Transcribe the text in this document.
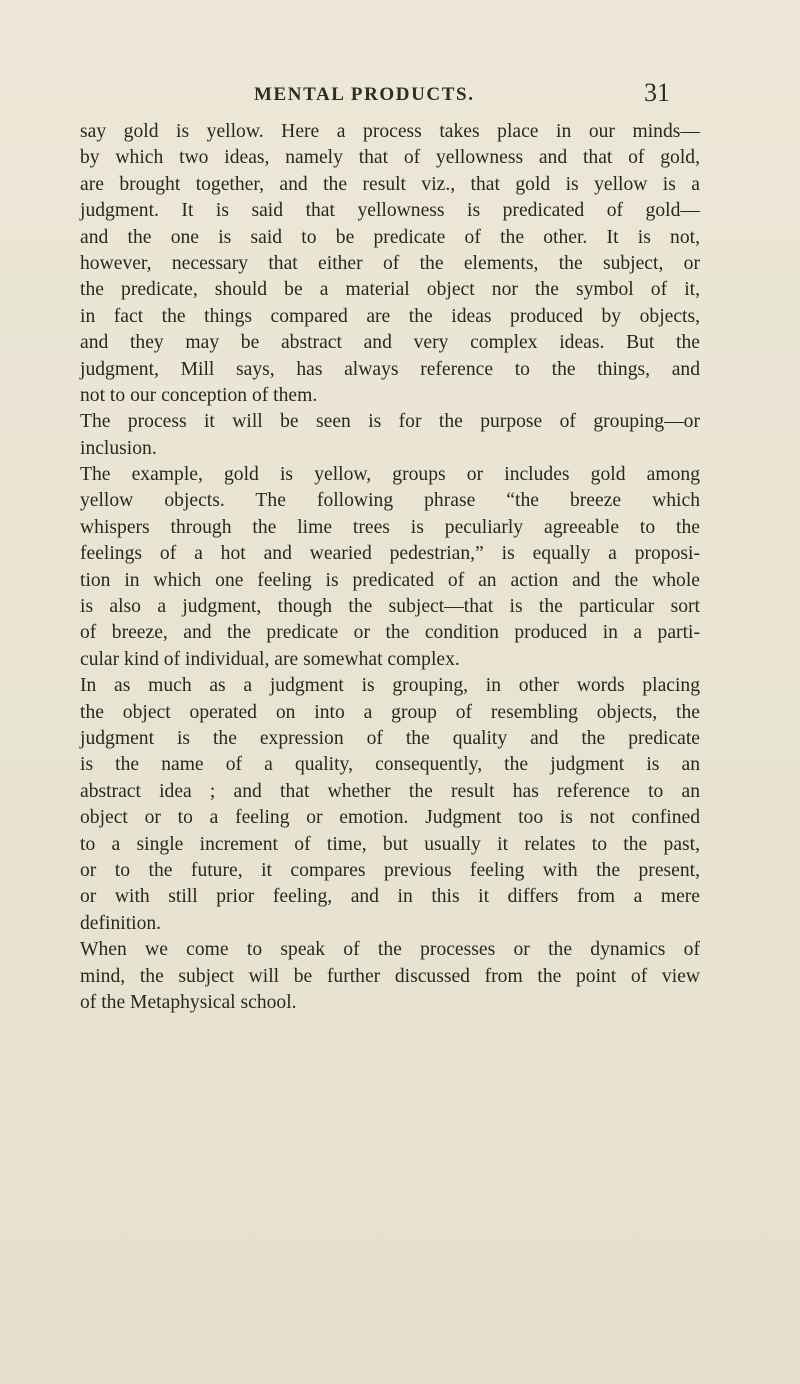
MENTAL PRODUCTS.	31
say gold is yellow. Here a process takes place in our minds—
by which two ideas, namely that of yellowness and that of gold,
are brought together, and the result viz., that gold is yellow is a
judgment. It is said that yellowness is predicated of gold—
and the one is said to be predicate of the other. It is not,
however, necessary that either of the elements, the subject, or
the predicate, should be a material object nor the symbol of it,
in fact the things compared are the ideas produced by objects,
and they may be abstract and very complex ideas. But the
judgment, Mill says, has always reference to the things, and
not to our conception of them.
The process it will be seen is for the purpose of grouping—or
inclusion.
The example, gold is yellow, groups or includes gold among
yellow objects. The following phrase “the breeze which
whispers through the lime trees is peculiarly agreeable to the
feelings of a hot and wearied pedestrian,” is equally a proposi-
tion in which one feeling is predicated of an action and the whole
is also a judgment, though the subject—that is the particular sort
of breeze, and the predicate or the condition produced in a parti-
cular kind of individual, are somewhat complex.
In as much as a judgment is grouping, in other words placing
the object operated on into a group of resembling objects, the
judgment is the expression of the quality and the predicate
is the name of a quality, consequently, the judgment is an
abstract idea ; and that whether the result has reference to an
object or to a feeling or emotion. Judgment too is not confined
to a single increment of time, but usually it relates to the past,
or to the future, it compares previous feeling with the present,
or with still prior feeling, and in this it differs from a mere
definition.
When we come to speak of the processes or the dynamics of
mind, the subject will be further discussed from the point of view
of the Metaphysical school.
